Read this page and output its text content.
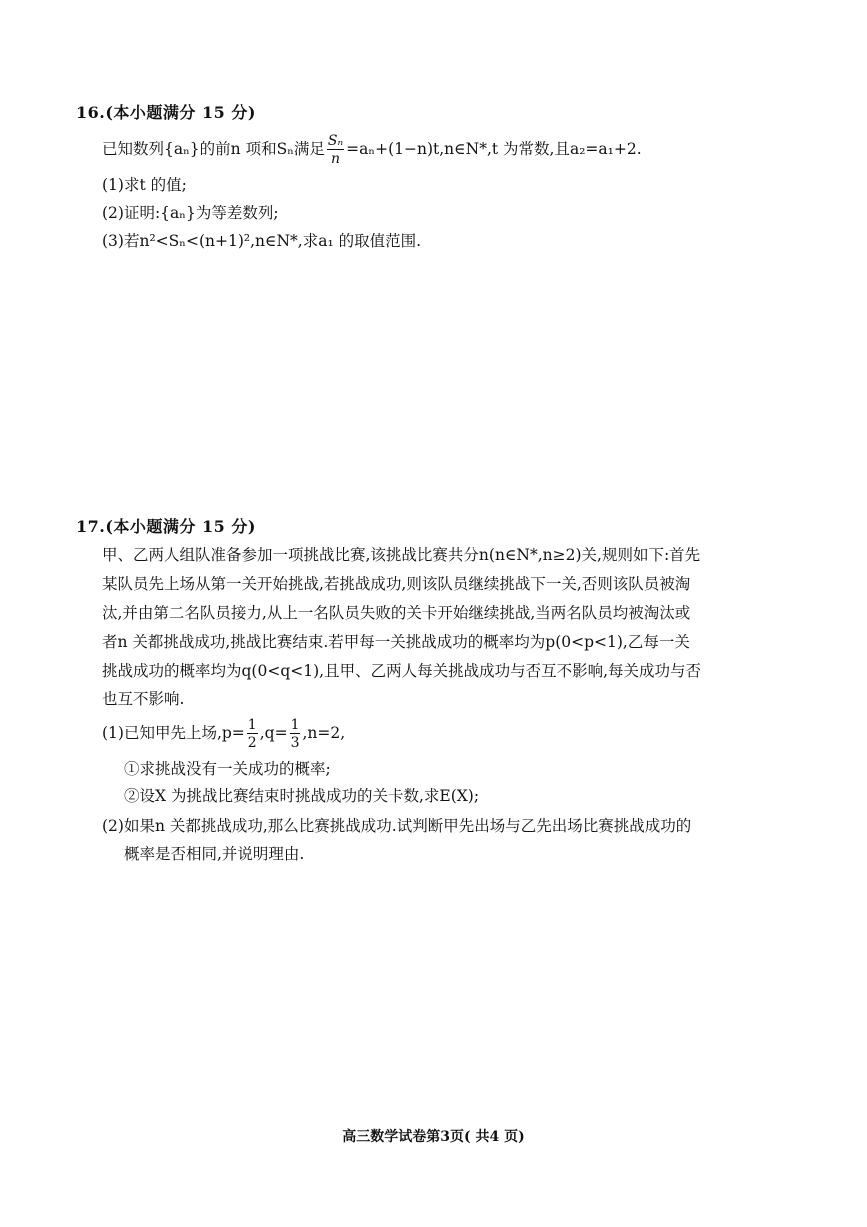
16.(本小题满分 15 分)
已知数列{aₙ}的前n 项和Sₙ满足 $\frac{\text{Sₙ}}{n}$ =aₙ+(1−n)t,n∈N*,t 为常数,且a₂=a₁+2.
(1)求t 的值;
(2)证明:{aₙ}为等差数列;
(3)若n²<Sₙ<(n+1)²,n∈N*,求a₁ 的取值范围.
17.(本小题满分 15 分)
甲、乙两人组队准备参加一项挑战比赛,该挑战比赛共分n(n∈N*,n≥2)关,规则如下:首先
某队员先上场从第一关开始挑战,若挑战成功,则该队员继续挑战下一关,否则该队员被淘
汰,并由第二名队员接力,从上一名队员失败的关卡开始继续挑战,当两名队员均被淘汰或
者n 关都挑战成功,挑战比赛结束.若甲每一关挑战成功的概率均为p(0<p<1),乙每一关
挑战成功的概率均为q(0<q<1),且甲、乙两人每关挑战成功与否互不影响,每关成功与否
也互不影响.
(1)已知甲先上场$,p= \frac{1}{2} ,q= \frac{1}{3} ,n=2$,
①求挑战没有一关成功的概率;
②设X 为挑战比赛结束时挑战成功的关卡数,求E(X);
(2)如果n 关都挑战成功,那么比赛挑战成功.试判断甲先出场与乙先出场比赛挑战成功的
概率是否相同,并说明理由.
高三数学试卷第3页( 共4 页)
